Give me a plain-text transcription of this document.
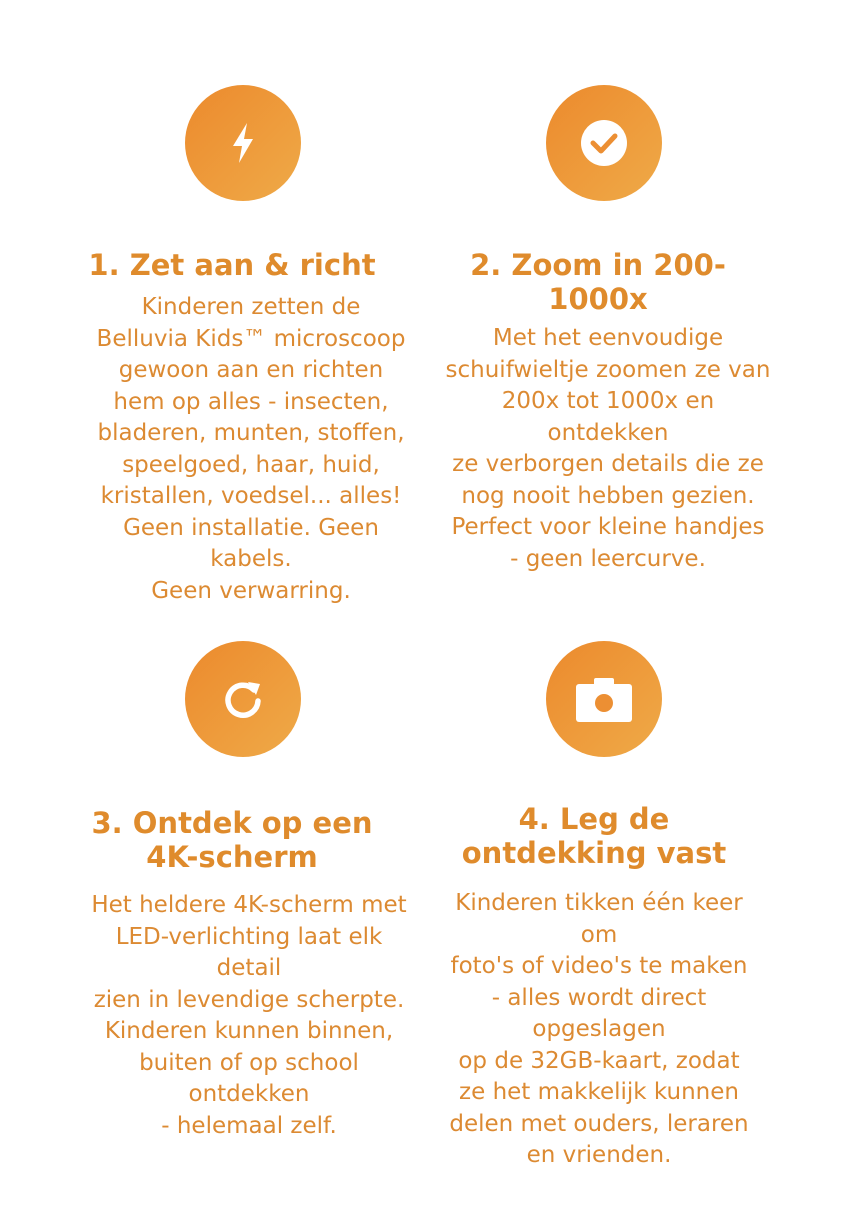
1. Zet aan & richt
Kinderen zetten de
Belluvia Kids™ microscoop
gewoon aan en richten
hem op alles - insecten,
bladeren, munten, stoffen,
speelgoed, haar, huid,
kristallen, voedsel... alles!
Geen installatie. Geen
kabels.
Geen verwarring.
2. Zoom in 200-
1000x
Met het eenvoudige
schuifwieltje zoomen ze van
200x tot 1000x en
ontdekken
ze verborgen details die ze
nog nooit hebben gezien.
Perfect voor kleine handjes
- geen leercurve.
3. Ontdek op een
4K-scherm
Het heldere 4K-scherm met
LED-verlichting laat elk
detail
zien in levendige scherpte.
Kinderen kunnen binnen,
buiten of op school
ontdekken
- helemaal zelf.
4. Leg de
ontdekking vast
Kinderen tikken één keer
om
foto's of video's te maken
- alles wordt direct
opgeslagen
op de 32GB-kaart, zodat
ze het makkelijk kunnen
delen met ouders, leraren
en vrienden.
